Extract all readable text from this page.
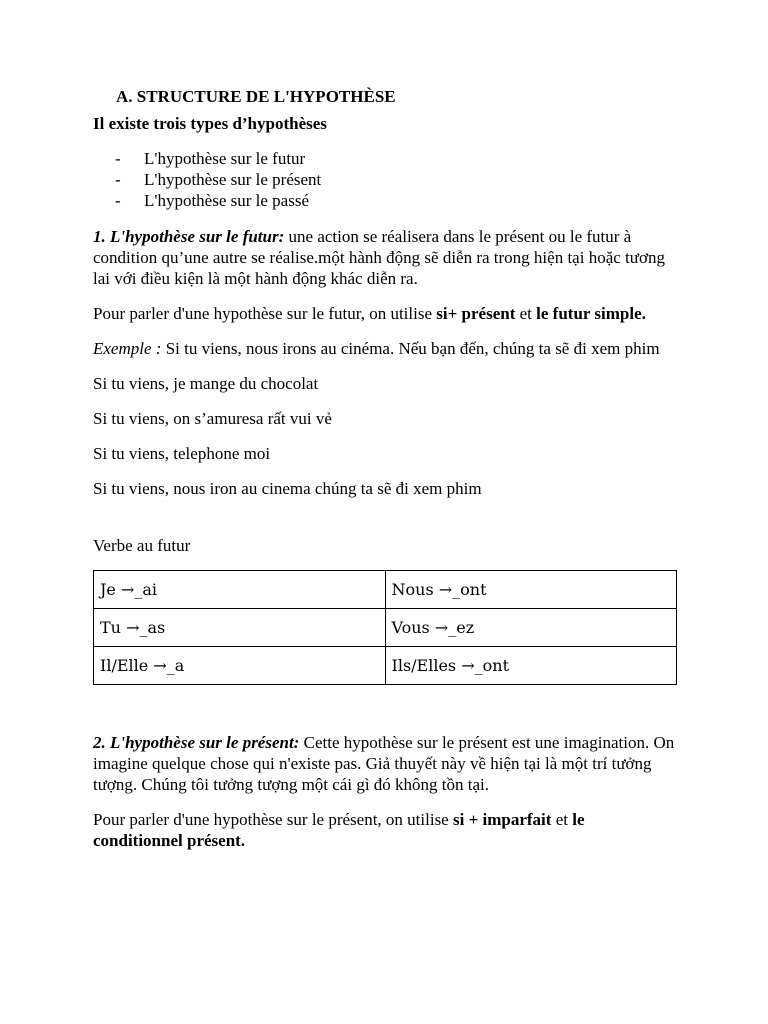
A. STRUCTURE DE L'HYPOTHÈSE
Il existe trois types d’hypothèses
- L'hypothèse sur le futur
- L'hypothèse sur le présent
- L'hypothèse sur le passé

1. L'hypothèse sur le futur: une action se réalisera dans le présent ou le futur à condition qu’une autre se réalise.một hành động sẽ diễn ra trong hiện tại hoặc tương lai với điều kiện là một hành động khác diễn ra.

Pour parler d'une hypothèse sur le futur, on utilise si+ présent et le futur simple.

Exemple : Si tu viens, nous irons au cinéma. Nếu bạn đến, chúng ta sẽ đi xem phim

Si tu viens, je mange du chocolat

Si tu viens, on s’amuresa rất vui vẻ

Si tu viens, telephone moi

Si tu viens, nous iron au cinema chúng ta sẽ đi xem phim

Verbe au futur

Je →_ai	Nous →_ont
Tu →_as	Vous →_ez
Il/Elle →_a	Ils/Elles →_ont

2. L'hypothèse sur le présent: Cette hypothèse sur le présent est une imagination. On imagine quelque chose qui n'existe pas. Giả thuyết này về hiện tại là một trí tưởng tượng. Chúng tôi tưởng tượng một cái gì đó không tồn tại.

Pour parler d'une hypothèse sur le présent, on utilise si + imparfait et le conditionnel présent.
